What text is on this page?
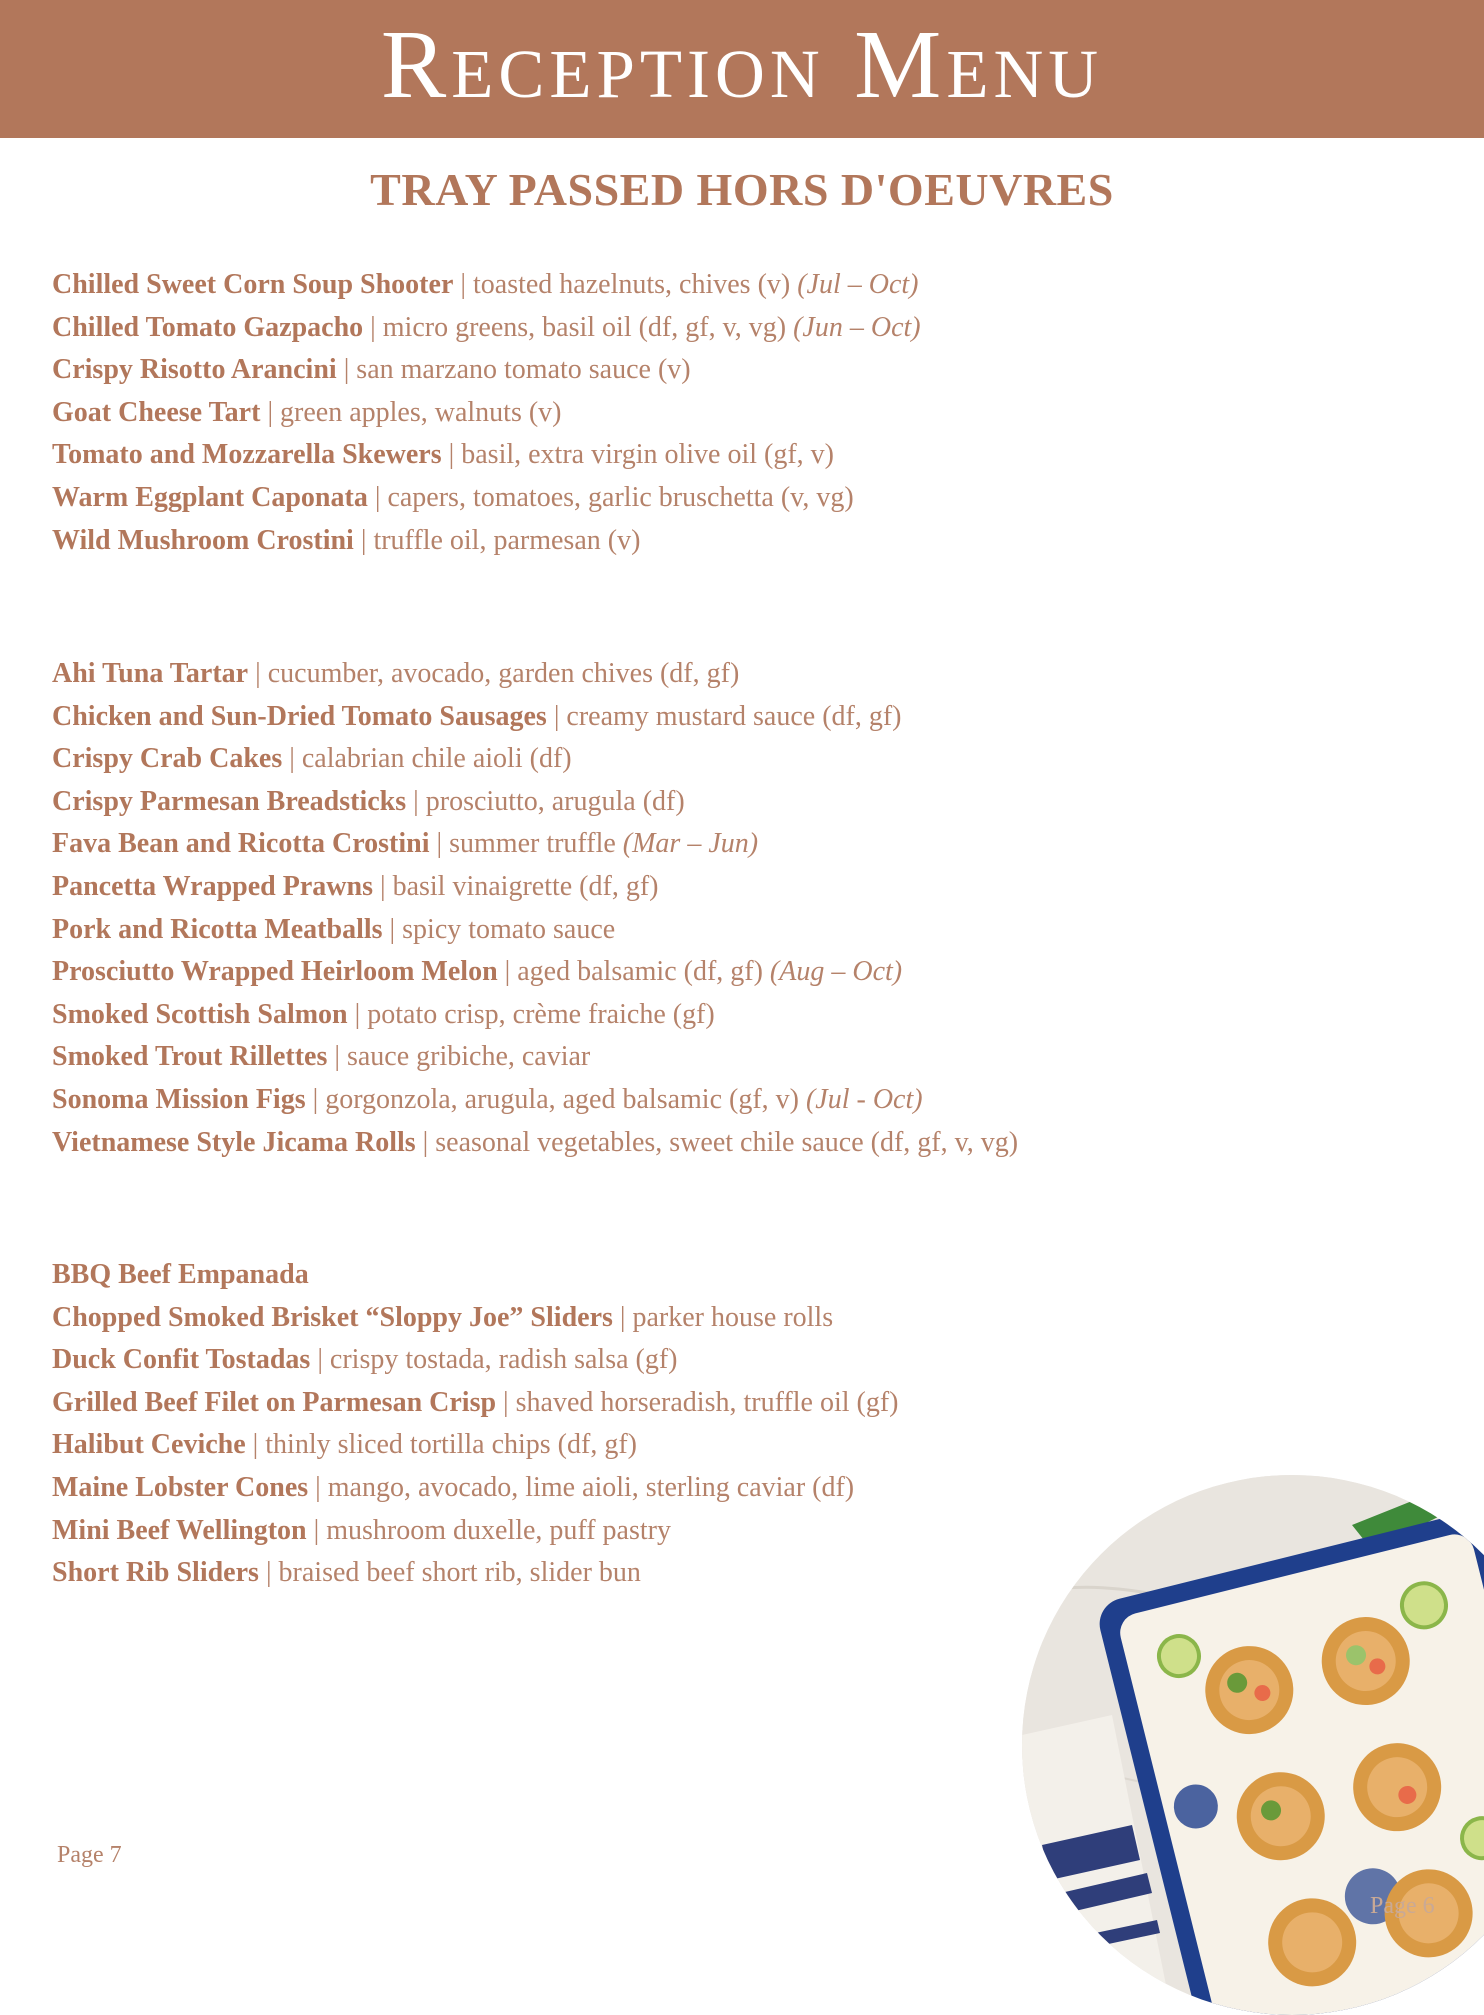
Reception Menu
TRAY PASSED HORS D'OEUVRES
Chilled Sweet Corn Soup Shooter | toasted hazelnuts, chives (v) (Jul – Oct)
Chilled Tomato Gazpacho | micro greens, basil oil (df, gf, v, vg) (Jun – Oct)
Crispy Risotto Arancini | san marzano tomato sauce (v)
Goat Cheese Tart | green apples, walnuts (v)
Tomato and Mozzarella Skewers | basil, extra virgin olive oil (gf, v)
Warm Eggplant Caponata | capers, tomatoes, garlic bruschetta (v, vg)
Wild Mushroom Crostini | truffle oil, parmesan (v)
Ahi Tuna Tartar | cucumber, avocado, garden chives (df, gf)
Chicken and Sun-Dried Tomato Sausages | creamy mustard sauce (df, gf)
Crispy Crab Cakes | calabrian chile aioli (df)
Crispy Parmesan Breadsticks | prosciutto, arugula (df)
Fava Bean and Ricotta Crostini | summer truffle (Mar – Jun)
Pancetta Wrapped Prawns | basil vinaigrette (df, gf)
Pork and Ricotta Meatballs | spicy tomato sauce
Prosciutto Wrapped Heirloom Melon | aged balsamic (df, gf) (Aug – Oct)
Smoked Scottish Salmon | potato crisp, crème fraiche (gf)
Smoked Trout Rillettes | sauce gribiche, caviar
Sonoma Mission Figs | gorgonzola, arugula, aged balsamic (gf, v) (Jul - Oct)
Vietnamese Style Jicama Rolls | seasonal vegetables, sweet chile sauce (df, gf, v, vg)
BBQ Beef Empanada
Chopped Smoked Brisket “Sloppy Joe” Sliders | parker house rolls
Duck Confit Tostadas | crispy tostada, radish salsa (gf)
Grilled Beef Filet on Parmesan Crisp | shaved horseradish, truffle oil (gf)
Halibut Ceviche | thinly sliced tortilla chips (df, gf)
Maine Lobster Cones | mango, avocado, lime aioli, sterling caviar (df)
Mini Beef Wellington | mushroom duxelle, puff pastry
Short Rib Sliders | braised beef short rib, slider bun
Page 7
Page 6
